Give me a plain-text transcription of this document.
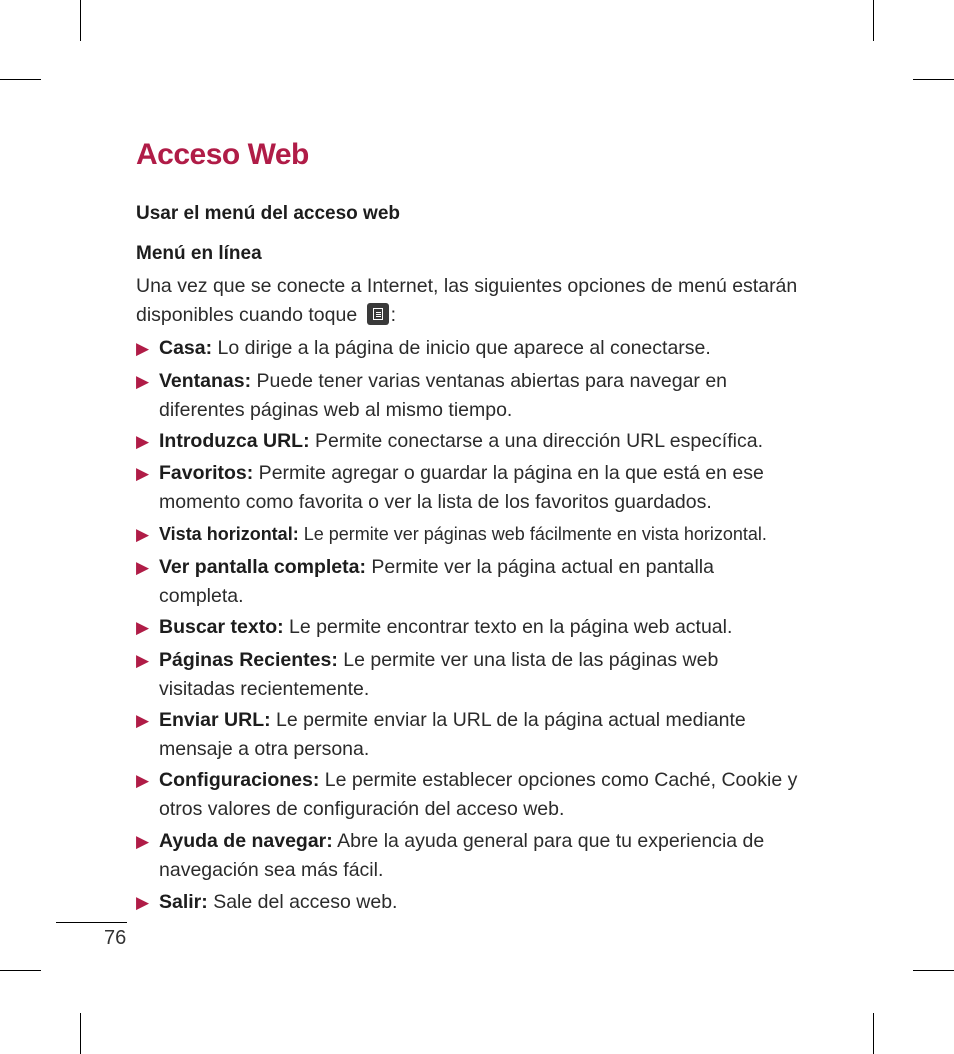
Acceso Web
Usar el menú del acceso web
Menú en línea
Una vez que se conecte a Internet, las siguientes opciones de menú estarán disponibles cuando toque :
▶ Casa: Lo dirige a la página de inicio que aparece al conectarse.
▶ Ventanas: Puede tener varias ventanas abiertas para navegar en diferentes páginas web al mismo tiempo.
▶ Introduzca URL: Permite conectarse a una dirección URL específica.
▶ Favoritos: Permite agregar o guardar la página en la que está en ese momento como favorita o ver la lista de los favoritos guardados.
▶ Vista horizontal: Le permite ver páginas web fácilmente en vista horizontal.
▶ Ver pantalla completa: Permite ver la página actual en pantalla completa.
▶ Buscar texto: Le permite encontrar texto en la página web actual.
▶ Páginas Recientes: Le permite ver una lista de las páginas web visitadas recientemente.
▶ Enviar URL: Le permite enviar la URL de la página actual mediante mensaje a otra persona.
▶ Configuraciones: Le permite establecer opciones como Caché, Cookie y otros valores de configuración del acceso web.
▶ Ayuda de navegar: Abre la ayuda general para que tu experiencia de navegación sea más fácil.
▶ Salir: Sale del acceso web.
76
